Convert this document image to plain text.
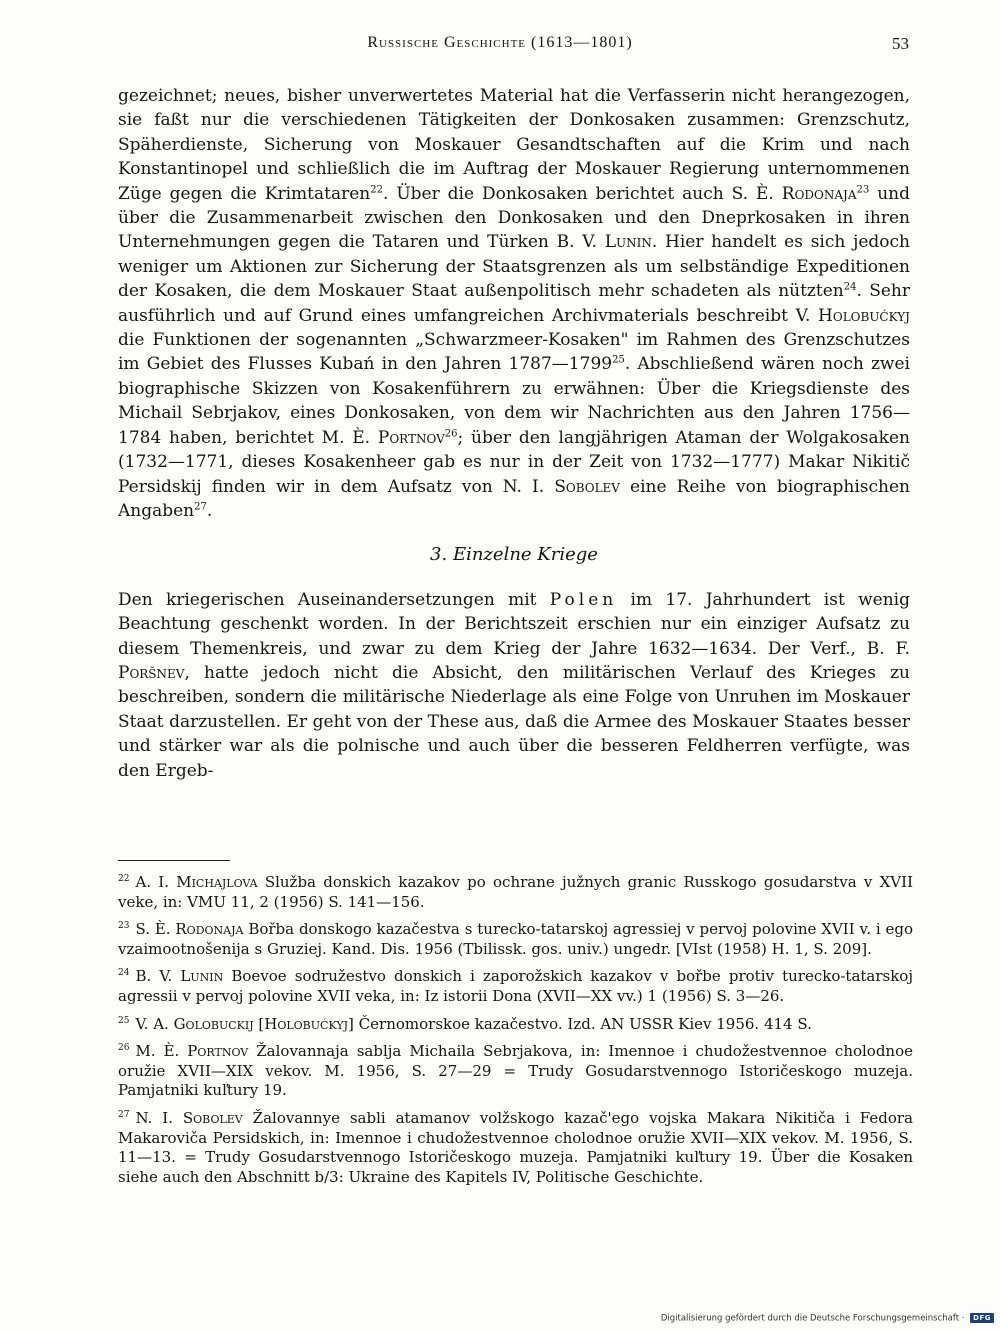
Russische Geschichte (1613—1801)	53

gezeichnet; neues, bisher unverwertetes Material hat die Verfasserin nicht herangezogen, sie faßt nur die verschiedenen Tätigkeiten der Donkosaken zusammen: Grenzschutz, Späherdienste, Sicherung von Moskauer Gesandtschaften auf die Krim und nach Konstantinopel und schließlich die im Auftrag der Moskauer Regierung unternommenen Züge gegen die Krimtataren$^{22}$. Über die Donkosaken berichtet auch S. È. Rodonaja$^{23}$ und über die Zusammenarbeit zwischen den Donkosaken und den Dneprkosaken in ihren Unternehmungen gegen die Tataren und Türken B. V. Lunin. Hier handelt es sich jedoch weniger um Aktionen zur Sicherung der Staatsgrenzen als um selbständige Expeditionen der Kosaken, die dem Moskauer Staat außenpolitisch mehr schadeten als nützten$^{24}$. Sehr ausführlich und auf Grund eines umfangreichen Archivmaterials beschreibt V. Holobućkyj die Funktionen der sogenannten „Schwarzmeer-Kosaken" im Rahmen des Grenzschutzes im Gebiet des Flusses Kubań in den Jahren 1787—1799$^{25}$. Abschließend wären noch zwei biographische Skizzen von Kosakenführern zu erwähnen: Über die Kriegsdienste des Michail Sebrjakov, eines Donkosaken, von dem wir Nachrichten aus den Jahren 1756—1784 haben, berichtet M. È. Portnov$^{26}$; über den langjährigen Ataman der Wolgakosaken (1732—1771, dieses Kosakenheer gab es nur in der Zeit von 1732—1777) Makar Nikitič Persidskij finden wir in dem Aufsatz von N. I. Sobolev eine Reihe von biographischen Angaben$^{27}$.

3. Einzelne Kriege

Den kriegerischen Auseinandersetzungen mit Polen im 17. Jahrhundert ist wenig Beachtung geschenkt worden. In der Berichtszeit erschien nur ein einziger Aufsatz zu diesem Themenkreis, und zwar zu dem Krieg der Jahre 1632—1634. Der Verf., B. F. Poršnev, hatte jedoch nicht die Absicht, den militärischen Verlauf des Krieges zu beschreiben, sondern die militärische Niederlage als eine Folge von Unruhen im Moskauer Staat darzustellen. Er geht von der These aus, daß die Armee des Moskauer Staates besser und stärker war als die polnische und auch über die besseren Feldherren verfügte, was den Ergeb-

$^{22}$ A. I. Michajlova Služba donskich kazakov po ochrane južnych granic Russkogo gosudarstva v XVII veke, in: VMU 11, 2 (1956) S. 141—156.

$^{23}$ S. È. Rodonaja Bořba donskogo kazačestva s turecko-tatarskoj agressiej v pervoj polovine XVII v. i ego vzaimootnošenija s Gruziej. Kand. Dis. 1956 (Tbilissk. gos. univ.) ungedr. [VIst (1958) H. 1, S. 209].

$^{24}$ B. V. Lunin Boevoe sodružestvo donskich i zaporožskich kazakov v bořbe protiv turecko-tatarskoj agressii v pervoj polovine XVII veka, in: Iz istorii Dona (XVII—XX vv.) 1 (1956) S. 3—26.

$^{25}$ V. A. Golobuckij [Holobućkyj] Černomorskoe kazačestvo. Izd. AN USSR Kiev 1956. 414 S.

$^{26}$ M. È. Portnov Žalovannaja sablja Michaila Sebrjakova, in: Imennoe i chudožestvennoe cholodnoe oružie XVII—XIX vekov. M. 1956, S. 27—29 = Trudy Gosudarstvennogo Istoričeskogo muzeja. Pamjatniki kuľtury 19.

$^{27}$ N. I. Sobolev Žalovannye sabli atamanov volžskogo kazač'ego vojska Makara Nikitiča i Fedora Makaroviča Persidskich, in: Imennoe i chudožestvennoe cholodnoe oružie XVII—XIX vekov. M. 1956, S. 11—13. = Trudy Gosudarstvennogo Istoričeskogo muzeja. Pamjatniki kuľtury 19. Über die Kosaken siehe auch den Abschnitt b/3: Ukraine des Kapitels IV, Politische Geschichte.

Digitalisierung gefördert durch die Deutsche Forschungsgemeinschaft · DFG
